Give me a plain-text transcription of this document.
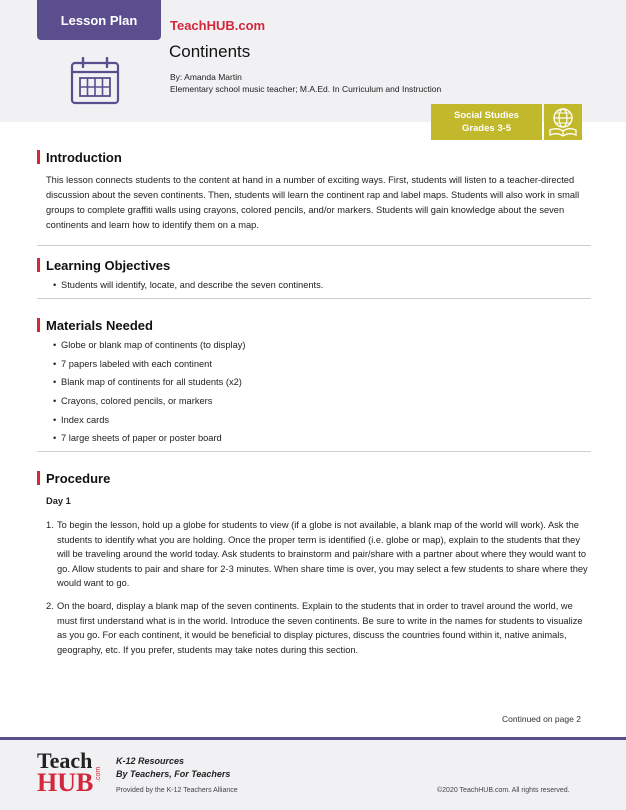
Lesson Plan	TeachHUB.com
Continents
By: Amanda Martin
Elementary school music teacher; M.A.Ed. In Curriculum and Instruction
Social Studies
Grades 3-5
Introduction

This lesson connects students to the content at hand in a number of exciting ways. First, students will listen to a teacher-directed discussion about the seven continents. Then, students will learn the continent rap and label maps. Students will also work in small groups to complete graffiti walls using crayons, colored pencils, and/or markers. Students will gain knowledge about the seven continents and learn how to identify them on a map.

Learning Objectives
• Students will identify, locate, and describe the seven continents.
Materials Needed
• Globe or blank map of continents (to display)
• 7 papers labeled with each continent
• Blank map of continents for all students (x2)
• Crayons, colored pencils, or markers
• Index cards
• 7 large sheets of paper or poster board
Procedure
Day 1
1. To begin the lesson, hold up a globe for students to view (if a globe is not available, a blank map of the world will work). Ask the students to identify what you are holding. Once the proper term is identified (i.e. globe or map), explain to the students that they will be traveling around the world today. Ask students to brainstorm and pair/share with a partner about where they would want to go. Allow students to pair and share for 2-3 minutes. When share time is over, you may select a few students to share where they would want to go.
2. On the board, display a blank map of the seven continents. Explain to the students that in order to travel around the world, we must first understand what is in the world. Introduce the seven continents. Be sure to write in the names for students to visualize as you go. For each continent, it would be beneficial to display pictures, discuss the countries found within it, native animals, geography, etc. If you prefer, students may take notes during this section.
Continued on page 2
Teach
HUB .com
K-12 Resources
By Teachers, For Teachers
Provided by the K-12 Teachers Alliance	©2020 TeachHUB.com. All rights reserved.
